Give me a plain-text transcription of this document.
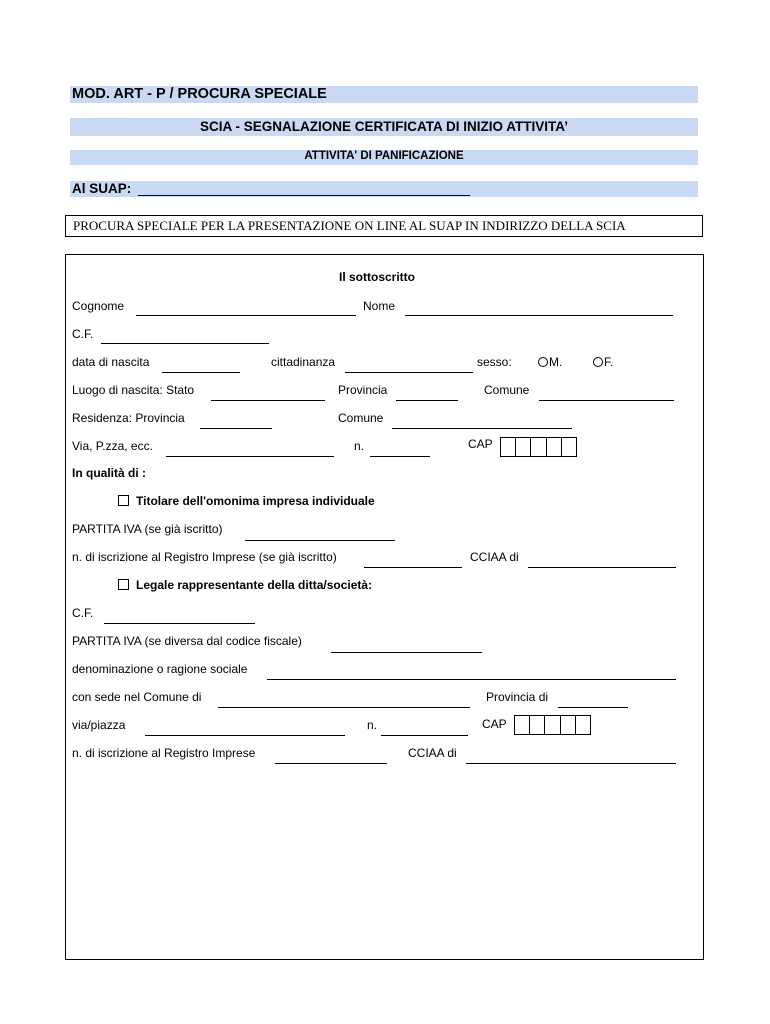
MOD. ART - P / PROCURA SPECIALE
SCIA - SEGNALAZIONE CERTIFICATA DI INIZIO ATTIVITA’
ATTIVITA' DI PANIFICAZIONE
Al SUAP:
PROCURA SPECIALE PER LA PRESENTAZIONE ON LINE AL SUAP IN INDIRIZZO DELLA SCIA
Il sottoscritto
Cognome	Nome
C.F.
data di nascita	cittadinanza	sesso:	M.	F.
Luogo di nascita: Stato	Provincia	Comune
Residenza: Provincia	Comune
Via, P.zza, ecc.	n.	CAP
In qualità di :
Titolare dell'omonima impresa individuale
PARTITA IVA (se già iscritto)
n. di iscrizione al Registro Imprese (se già iscritto)	CCIAA di
Legale rappresentante della ditta/società:
C.F.
PARTITA IVA (se diversa dal codice fiscale)
denominazione o ragione sociale
con sede nel Comune di	Provincia di
via/piazza	n.	CAP
n. di iscrizione al Registro Imprese	CCIAA di
